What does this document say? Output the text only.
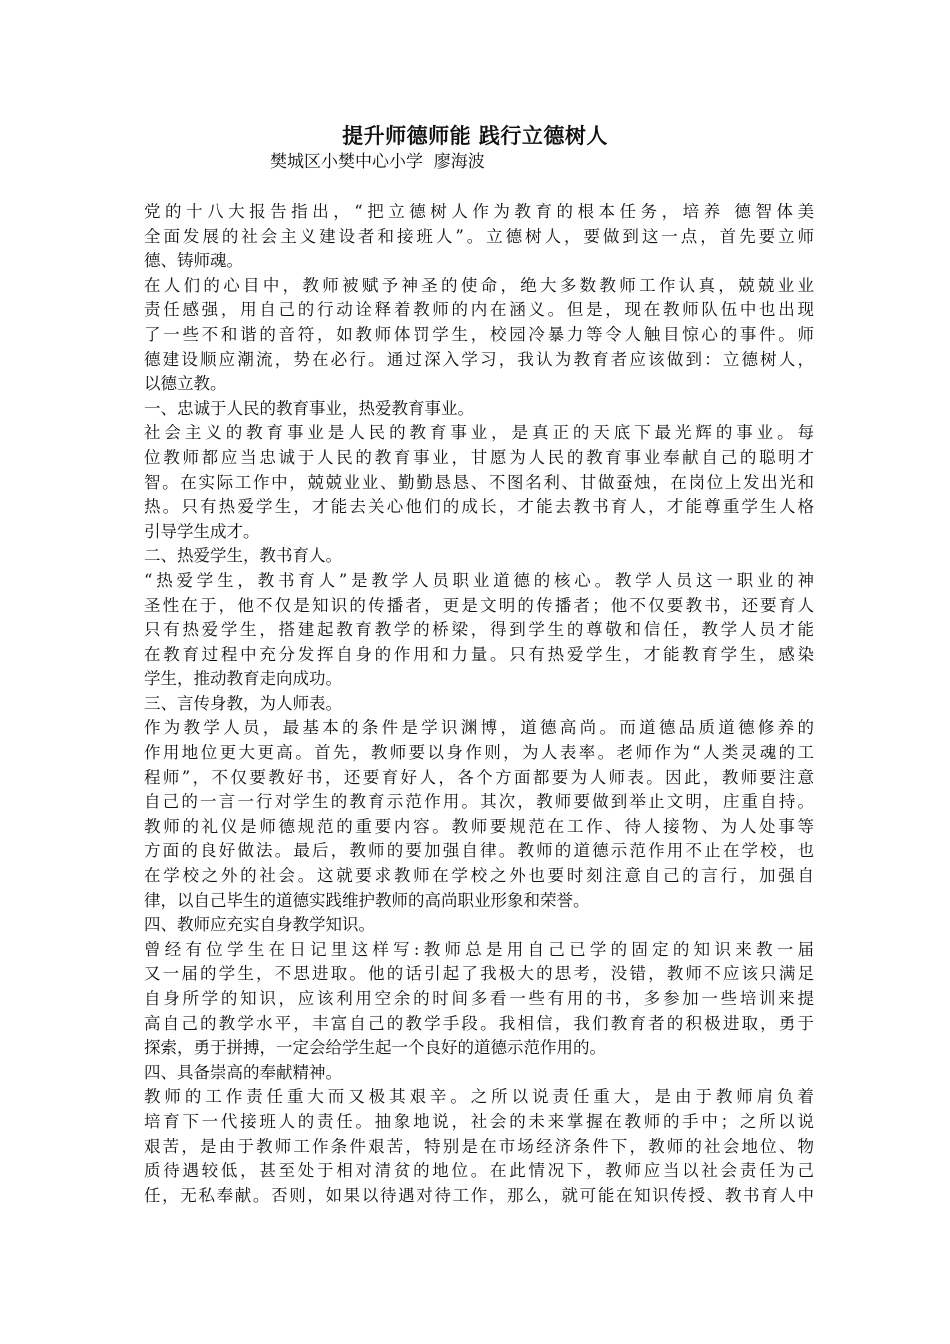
提升师德师能 践行立德树人
樊城区小樊中心小学  廖海波
党的十八大报告指出，“把立德树人作为教育的根本任务，培养 德智体美
全面发展的社会主义建设者和接班人”。立德树人，要做到这一点，首先要立师
德、铸师魂。
在人们的心目中，教师被赋予神圣的使命，绝大多数教师工作认真，兢兢业业
责任感强，用自己的行动诠释着教师的内在涵义。但是，现在教师队伍中也出现
了一些不和谐的音符，如教师体罚学生，校园冷暴力等令人触目惊心的事件。师
德建设顺应潮流，势在必行。通过深入学习，我认为教育者应该做到：立德树人，
以德立教。
一、忠诚于人民的教育事业，热爱教育事业。
社会主义的教育事业是人民的教育事业，是真正的天底下最光辉的事业。每
位教师都应当忠诚于人民的教育事业，甘愿为人民的教育事业奉献自己的聪明才
智。在实际工作中，兢兢业业、勤勤恳恳、不图名利、甘做蚕烛，在岗位上发出光和
热。只有热爱学生，才能去关心他们的成长，才能去教书育人，才能尊重学生人格
引导学生成才。
二、热爱学生，教书育人。
“热爱学生，教书育人”是教学人员职业道德的核心。教学人员这一职业的神
圣性在于，他不仅是知识的传播者，更是文明的传播者；他不仅要教书，还要育人
只有热爱学生，搭建起教育教学的桥梁，得到学生的尊敬和信任，教学人员才能
在教育过程中充分发挥自身的作用和力量。只有热爱学生，才能教育学生，感染
学生，推动教育走向成功。
三、言传身教，为人师表。
作为教学人员，最基本的条件是学识渊博，道德高尚。而道德品质道德修养的
作用地位更大更高。首先，教师要以身作则，为人表率。老师作为“人类灵魂的工
程师”，不仅要教好书，还要育好人，各个方面都要为人师表。因此，教师要注意
自己的一言一行对学生的教育示范作用。其次，教师要做到举止文明，庄重自持。
教师的礼仪是师德规范的重要内容。教师要规范在工作、待人接物、为人处事等
方面的良好做法。最后，教师的要加强自律。教师的道德示范作用不止在学校，也
在学校之外的社会。这就要求教师在学校之外也要时刻注意自己的言行，加强自
律，以自己毕生的道德实践维护教师的高尚职业形象和荣誉。
四、教师应充实自身教学知识。
曾经有位学生在日记里这样写:教师总是用自己已学的固定的知识来教一届
又一届的学生，不思进取。他的话引起了我极大的思考，没错，教师不应该只满足
自身所学的知识，应该利用空余的时间多看一些有用的书，多参加一些培训来提
高自己的教学水平，丰富自己的教学手段。我相信，我们教育者的积极进取，勇于
探索，勇于拼搏，一定会给学生起一个良好的道德示范作用的。
四、具备崇高的奉献精神。
教师的工作责任重大而又极其艰辛。之所以说责任重大，是由于教师肩负着
培育下一代接班人的责任。抽象地说，社会的未来掌握在教师的手中；之所以说
艰苦，是由于教师工作条件艰苦，特别是在市场经济条件下，教师的社会地位、物
质待遇较低，甚至处于相对清贫的地位。在此情况下，教师应当以社会责任为己
任，无私奉献。否则，如果以待遇对待工作，那么，就可能在知识传授、教书育人中
